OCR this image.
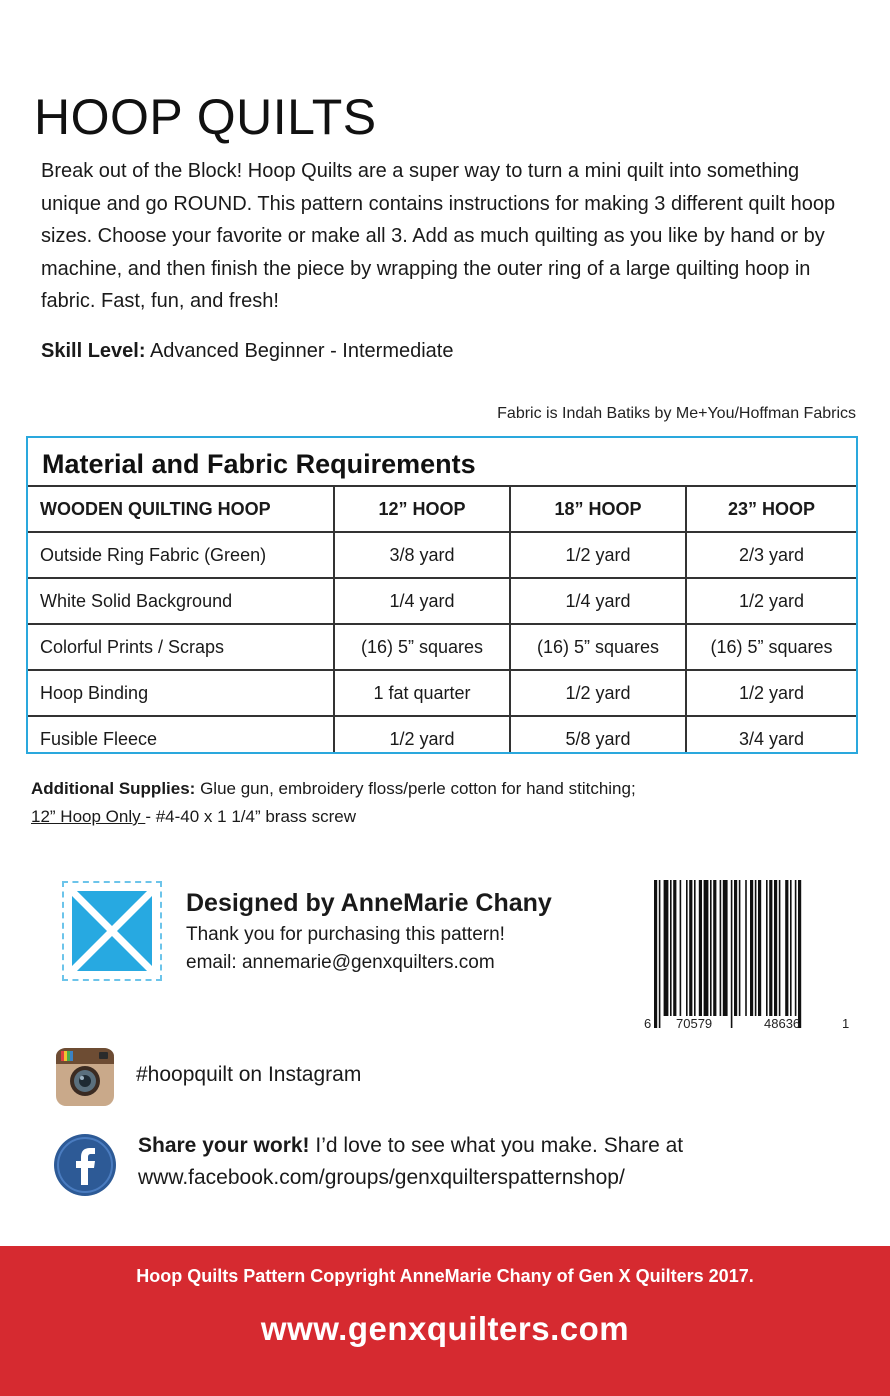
HOOP QUILTS

Break out of the Block! Hoop Quilts are a super way to turn a mini quilt into something unique and go ROUND. This pattern contains instructions for making 3 different quilt hoop sizes. Choose your favorite or make all 3. Add as much quilting as you like by hand or by machine, and then finish the piece by wrapping the outer ring of a large quilting hoop in fabric. Fast, fun, and fresh!

Skill Level: Advanced Beginner - Intermediate
Fabric is Indah Batiks by Me+You/Hoffman Fabrics
Material and Fabric Requirements
WOODEN QUILTING HOOP	12” HOOP	18” HOOP	23” HOOP
Outside Ring Fabric (Green)	3/8 yard	1/2 yard	2/3 yard
White Solid Background	1/4 yard	1/4 yard	1/2 yard
Colorful Prints / Scraps	(16) 5” squares	(16) 5” squares	(16) 5” squares
Hoop Binding	1 fat quarter	1/2 yard	1/2 yard
Fusible Fleece	1/2 yard	5/8 yard	3/4 yard
Additional Supplies: Glue gun, embroidery floss/perle cotton for hand stitching;
12” Hoop Only - #4-40 x 1 1/4” brass screw
Designed by AnneMarie Chany
Thank you for purchasing this pattern!
email: annemarie@genxquilters.com
6 70579	48636	1
#hoopquilt on Instagram
Share your work! I’d love to see what you make. Share at
www.facebook.com/groups/genxquilterspatternshop/
Hoop Quilts Pattern Copyright AnneMarie Chany of Gen X Quilters 2017.
www.genxquilters.com
